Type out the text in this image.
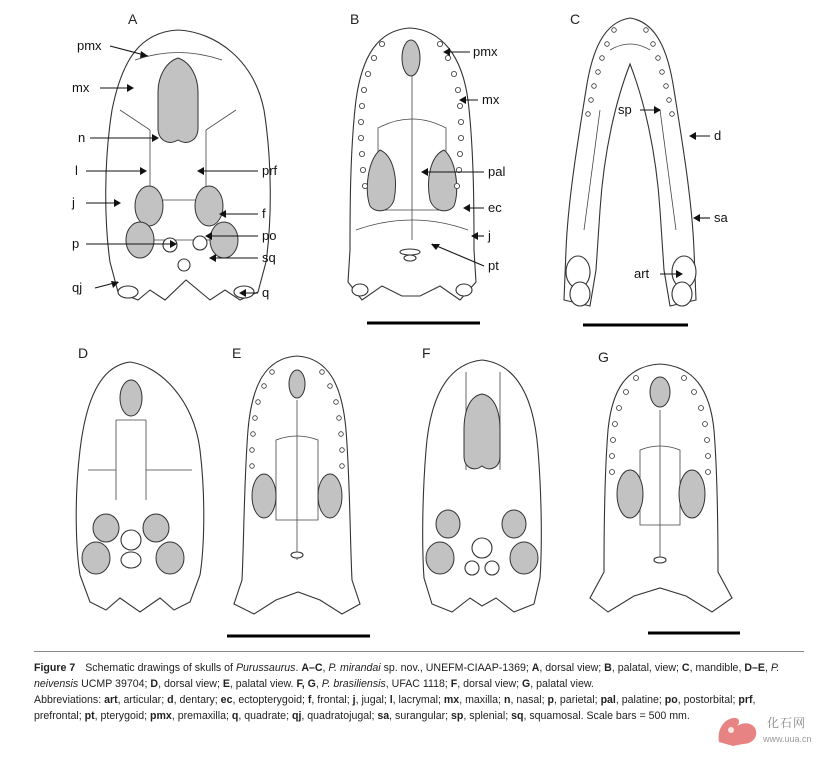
A
pmx
mx
n
l
j
p
qj
prf
f
po
sq
q
B
pmx
mx
pal
ec
j
pt
C
sp
d
sa
art
D	E	F	G
Figure 7 Schematic drawings of skulls of Purussaurus. A–C, P. mirandai sp. nov., UNEFM-CIAAP-1369; A, dorsal view; B, palatal, view; C, mandible, D–E, P. neivensis UCMP 39704; D, dorsal view; E, palatal view. F, G, P. brasiliensis, UFAC 1118; F, dorsal view; G, palatal view.
Abbreviations: art, articular; d, dentary; ec, ectopterygoid; f, frontal; j, jugal; l, lacrymal; mx, maxilla; n, nasal; p, parietal; pal, palatine; po, postorbital; prf, prefrontal; pt, pterygoid; pmx, premaxilla; q, quadrate; qj, quadratojugal; sa, surangular; sp, splenial; sq, squamosal. Scale bars = 500 mm.	化石网
www.uua.cn
